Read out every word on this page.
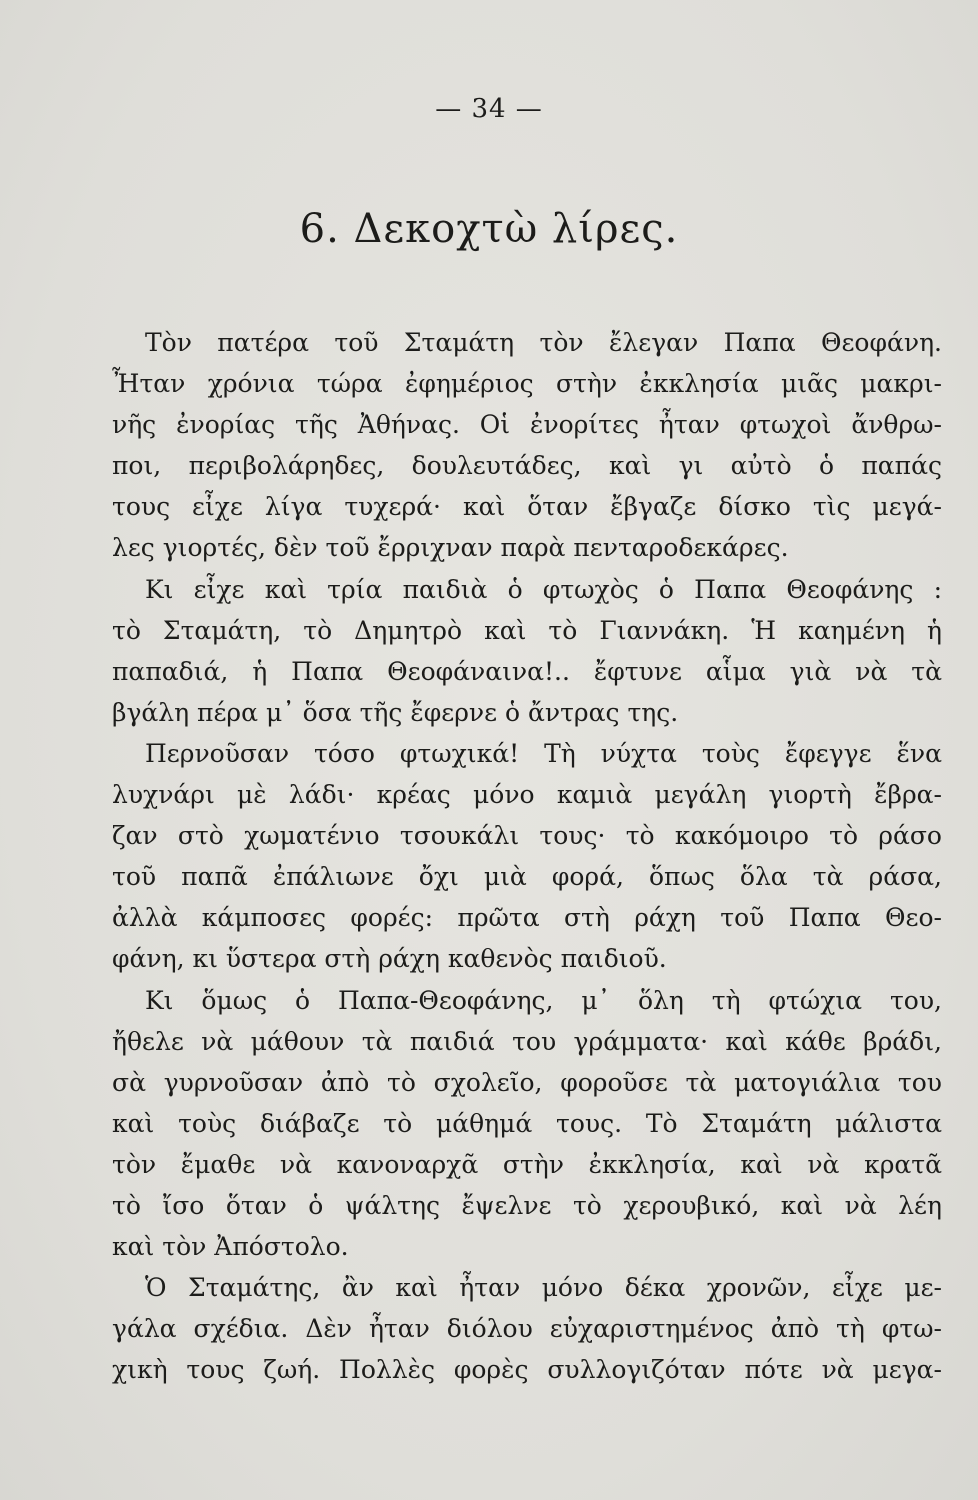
— 34 —
6. Δεκοχτὼ λίρες.
Τὸν πατέρα τοῦ Σταμάτη τὸν ἔλεγαν Παπα Θεοφάνη.
Ἦταν χρόνια τώρα ἐφημέριος στὴν ἐκκλησία μιᾶς μακρι-
νῆς ἐνορίας τῆς Ἀθήνας. Οἱ ἐνορίτες ἦταν φτωχοὶ ἄνθρω-
ποι, περιβολάρηδες, δουλευτάδες, καὶ γι αὐτὸ ὁ παπάς
τους εἶχε λίγα τυχερά· καὶ ὅταν ἔβγαζε δίσκο τὶς μεγά-
λες γιορτές, δὲν τοῦ ἔρριχναν παρὰ πενταροδεκάρες.
Κι εἶχε καὶ τρία παιδιὰ ὁ φτωχὸς ὁ Παπα Θεοφάνης :
τὸ Σταμάτη, τὸ Δημητρὸ καὶ τὸ Γιαννάκη. Ἡ καημένη ἡ
παπαδιά, ἡ Παπα Θεοφάναινα!.. ἔφτυνε αἷμα γιὰ νὰ τὰ
βγάλη πέρα μ᾽ ὅσα τῆς ἔφερνε ὁ ἄντρας της.
Περνοῦσαν τόσο φτωχικά! Τὴ νύχτα τοὺς ἔφεγγε ἕνα
λυχνάρι μὲ λάδι· κρέας μόνο καμιὰ μεγάλη γιορτὴ ἔβρα-
ζαν στὸ χωματένιο τσουκάλι τους· τὸ κακόμοιρο τὸ ράσο
τοῦ παπᾶ ἐπάλιωνε ὄχι μιὰ φορά, ὅπως ὅλα τὰ ράσα,
ἀλλὰ κάμποσες φορές: πρῶτα στὴ ράχη τοῦ Παπα Θεο-
φάνη, κι ὕστερα στὴ ράχη καθενὸς παιδιοῦ.
Κι ὅμως ὁ Παπα-Θεοφάνης, μ᾽ ὅλη τὴ φτώχια του,
ἤθελε νὰ μάθουν τὰ παιδιά του γράμματα· καὶ κάθε βράδι,
σὰ γυρνοῦσαν ἀπὸ τὸ σχολεῖο, φοροῦσε τὰ ματογιάλια του
καὶ τοὺς διάβαζε τὸ μάθημά τους. Τὸ Σταμάτη μάλιστα
τὸν ἔμαθε νὰ κανοναρχᾶ στὴν ἐκκλησία, καὶ νὰ κρατᾶ
τὸ ἴσο ὅταν ὁ ψάλτης ἔψελνε τὸ χερουβικό, καὶ νὰ λέη
καὶ τὸν Ἀπόστολο.
Ὁ Σταμάτης, ἂν καὶ ἦταν μόνο δέκα χρονῶν, εἶχε με-
γάλα σχέδια. Δὲν ἦταν διόλου εὐχαριστημένος ἀπὸ τὴ φτω-
χικὴ τους ζωή. Πολλὲς φορὲς συλλογιζόταν πότε νὰ μεγα-
